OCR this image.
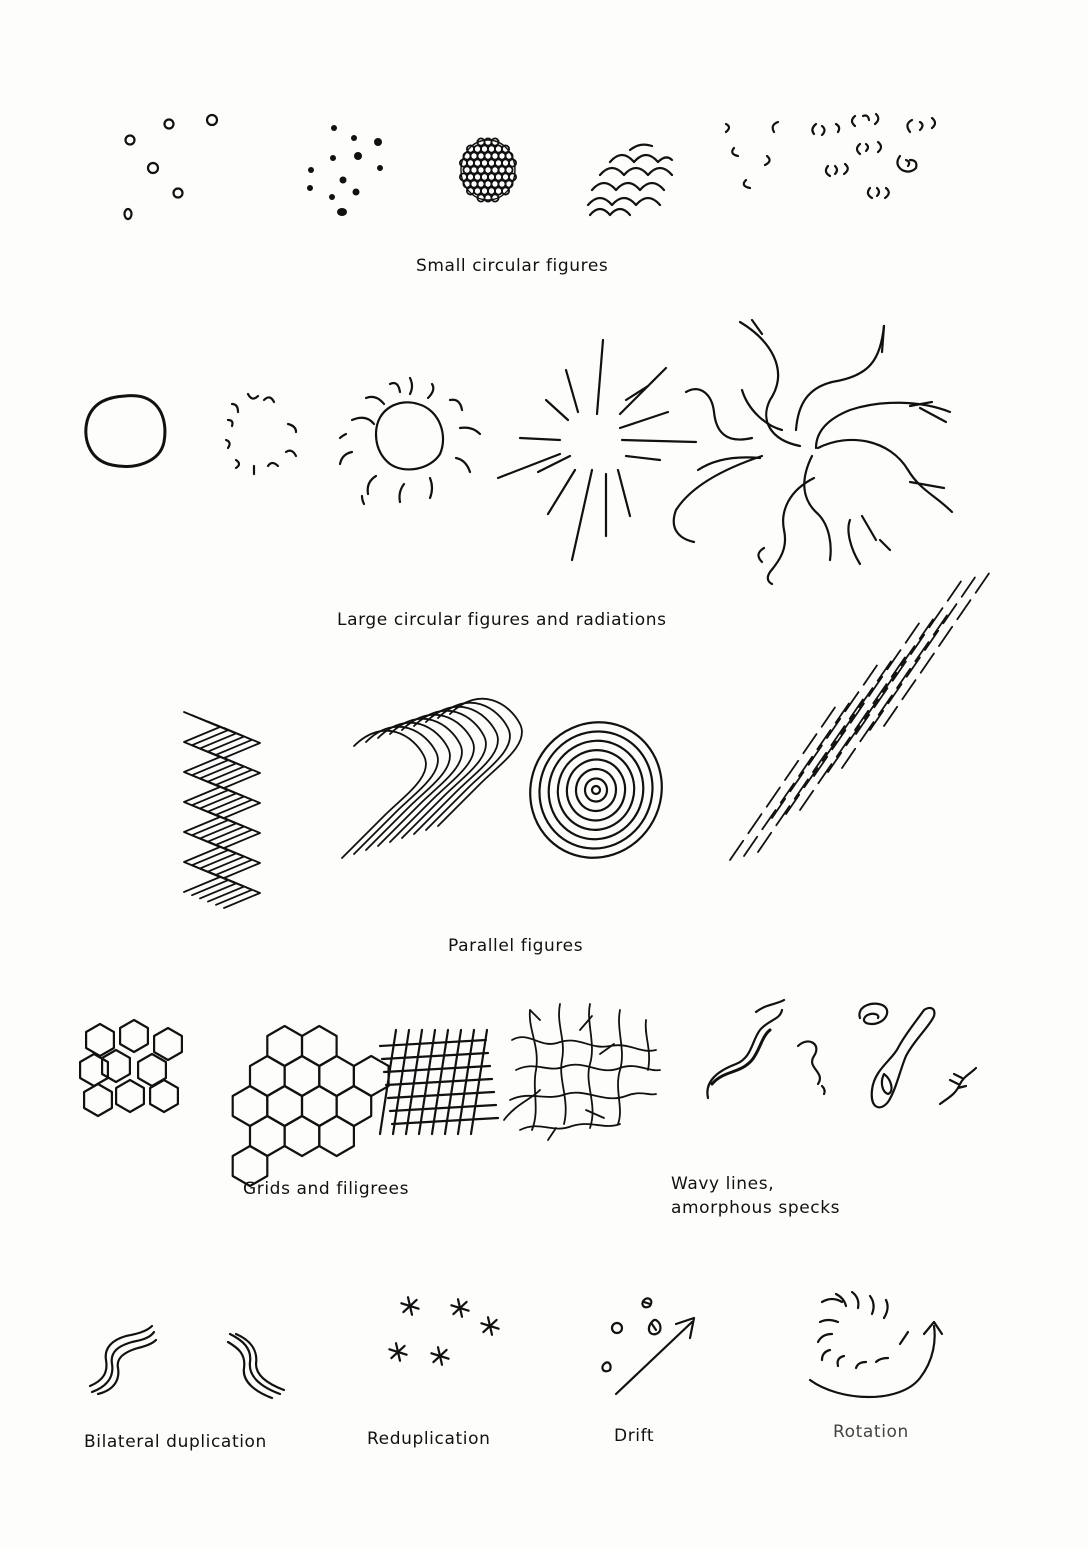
Small circular figures
Large circular figures and radiations
Parallel figures
Grids and filigrees	Wavy lines,
amorphous specks
Bilateral duplication	Reduplication	Drift	Rotation
